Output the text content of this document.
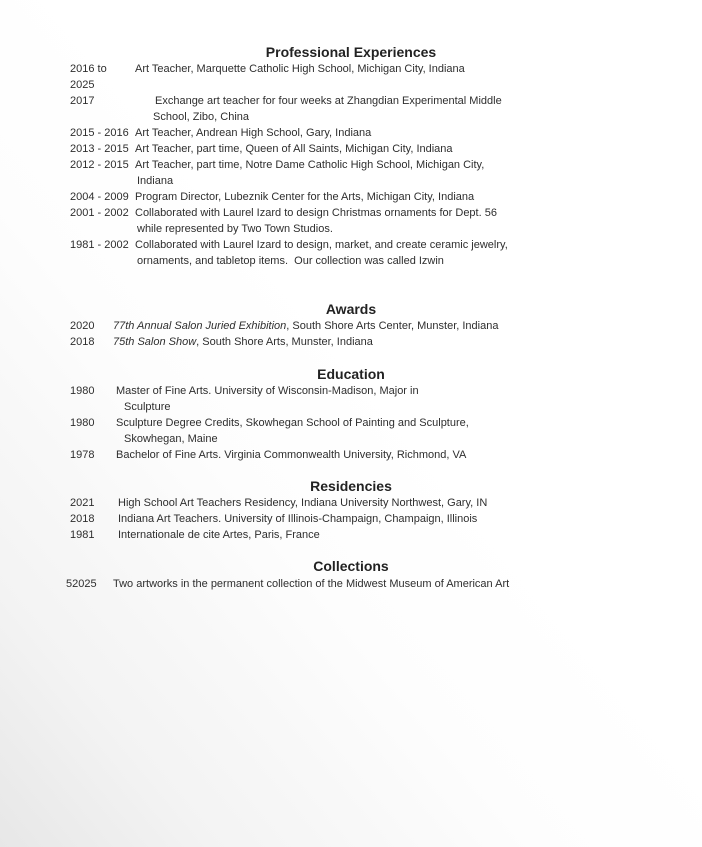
Professional Experiences
2016 to	Art Teacher, Marquette Catholic High School, Michigan City, Indiana
2025
2017	Exchange art teacher for four weeks at Zhangdian Experimental Middle
School, Zibo, China
2015 - 2016 Art Teacher, Andrean High School, Gary, Indiana
2013 - 2015 Art Teacher, part time, Queen of All Saints, Michigan City, Indiana
2012 - 2015 Art Teacher, part time, Notre Dame Catholic High School, Michigan City,
Indiana
2004 - 2009 Program Director, Lubeznik Center for the Arts, Michigan City, Indiana
2001 - 2002 Collaborated with Laurel Izard to design Christmas ornaments for Dept. 56
while represented by Two Town Studios.
1981 - 2002 Collaborated with Laurel Izard to design, market, and create ceramic jewelry,
ornaments, and tabletop items.  Our collection was called Izwin
Awards
2020	77th Annual Salon Juried Exhibition, South Shore Arts Center, Munster, Indiana
2018	75th Salon Show, South Shore Arts, Munster, Indiana
Education
1980	Master of Fine Arts. University of Wisconsin-Madison, Major in
Sculpture
1980	Sculpture Degree Credits, Skowhegan School of Painting and Sculpture,
Skowhegan, Maine
1978	Bachelor of Fine Arts. Virginia Commonwealth University, Richmond, VA
Residencies
2021	High School Art Teachers Residency, Indiana University Northwest, Gary, IN
2018	Indiana Art Teachers. University of Illinois-Champaign, Champaign, Illinois
1981	Internationale de cite Artes, Paris, France
Collections
52025	Two artworks in the permanent collection of the Midwest Museum of American Art
